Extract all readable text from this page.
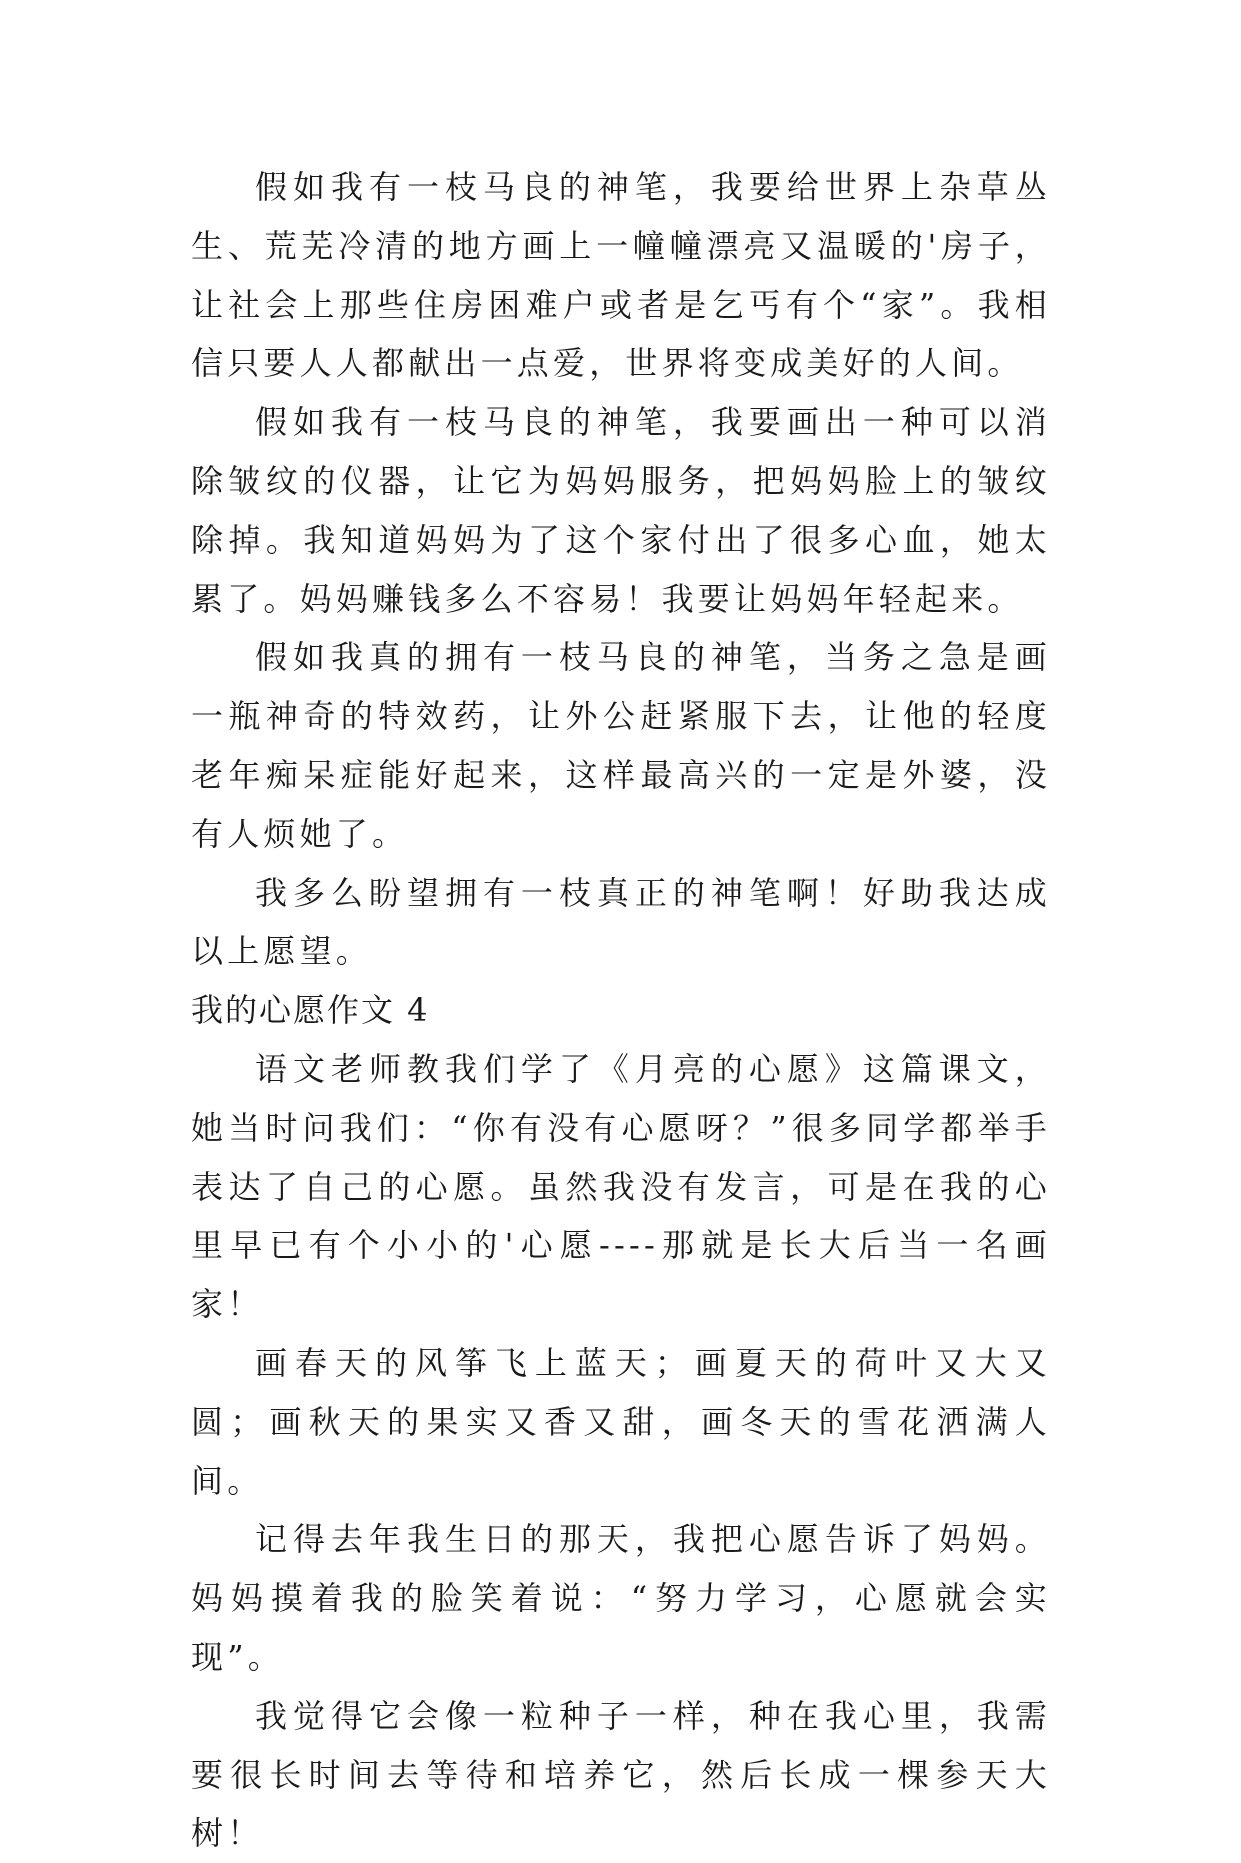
假如我有一枝马良的神笔，我要给世界上杂草丛生、荒芜冷清的地方画上一幢幢漂亮又温暖的'房子，让社会上那些住房困难户或者是乞丐有个“家”。我相信只要人人都献出一点爱，世界将变成美好的人间。

假如我有一枝马良的神笔，我要画出一种可以消除皱纹的仪器，让它为妈妈服务，把妈妈脸上的皱纹除掉。我知道妈妈为了这个家付出了很多心血，她太累了。妈妈赚钱多么不容易！我要让妈妈年轻起来。

假如我真的拥有一枝马良的神笔，当务之急是画一瓶神奇的特效药，让外公赶紧服下去，让他的轻度老年痴呆症能好起来，这样最高兴的一定是外婆，没有人烦她了。

我多么盼望拥有一枝真正的神笔啊！好助我达成以上愿望。

我的心愿作文 4

语文老师教我们学了《月亮的心愿》这篇课文，她当时问我们：“你有没有心愿呀？”很多同学都举手表达了自己的心愿。虽然我没有发言，可是在我的心里早已有个小小的'心愿----那就是长大后当一名画家！

画春天的风筝飞上蓝天；画夏天的荷叶又大又圆；画秋天的果实又香又甜，画冬天的雪花洒满人间。

记得去年我生日的那天，我把心愿告诉了妈妈。妈妈摸着我的脸笑着说：“努力学习，心愿就会实现”。

我觉得它会像一粒种子一样，种在我心里，我需要很长时间去等待和培养它，然后长成一棵参天大树！
